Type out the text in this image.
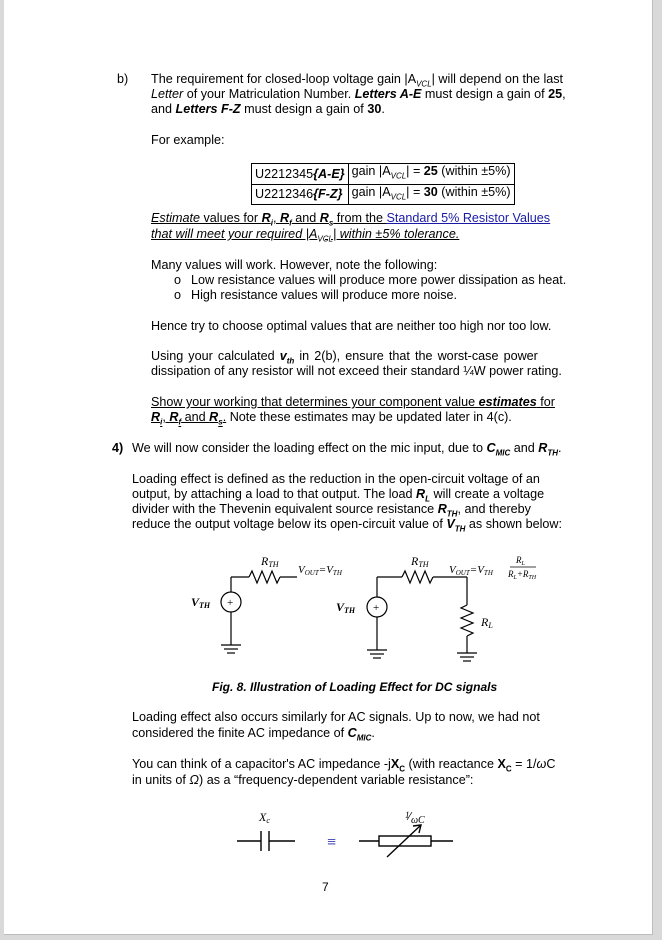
b) The requirement for closed-loop voltage gain $|A_{VCL}|$ will depend on the last
Letter of your Matriculation Number. Letters A-E must design a gain of 25,
and Letters F-Z must design a gain of 30.
For example:
U2212345{A-E}	gain $|A_{VCL}| = 25$ (within ±5%)
U2212346{F-Z}	gain $|A_{VCL}| = 30$ (within ±5%)
Estimate values for $R_i$, $R_f$ and $R_s$ from the Standard 5% Resistor Values
that will meet your required $|A_{VCL}|$ within ±5% tolerance.
Many values will work. However, note the following:
o Low resistance values will produce more power dissipation as heat.
o High resistance values will produce more noise.
Hence try to choose optimal values that are neither too high nor too low.
Using your calculated $v_{th}$ in 2(b), ensure that the worst-case power
dissipation of any resistor will not exceed their standard ¼W power rating.
Show your working that determines your component value estimates for
$R_i$, $R_f$ and $R_s$. Note these estimates may be updated later in 4(c).
4) We will now consider the loading effect on the mic input, due to $C_{MIC}$ and $R_{TH}$.
Loading effect is defined as the reduction in the open-circuit voltage of an
output, by attaching a load to that output. The load $R_L$ will create a voltage
divider with the Thevenin equivalent source resistance $R_{TH}$, and thereby
reduce the output voltage below its open-circuit value of $V_{TH}$ as shown below:
RTH VOUT=VTH
VTH +
RTH VOUT=VTH
$R_L$
$R_L+R_{TH}$
VTH +
RL
Fig. 8. Illustration of Loading Effect for DC signals
Loading effect also occurs similarly for AC signals. Up to now, we had not
considered the finite AC impedance of $C_{MIC}$.
You can think of a capacitor's AC impedance $-jX_C$ (with reactance $X_C = 1/\omega C$
in units of Ω) as a “frequency-dependent variable resistance”:
≡
Xc
1 ωC
7
